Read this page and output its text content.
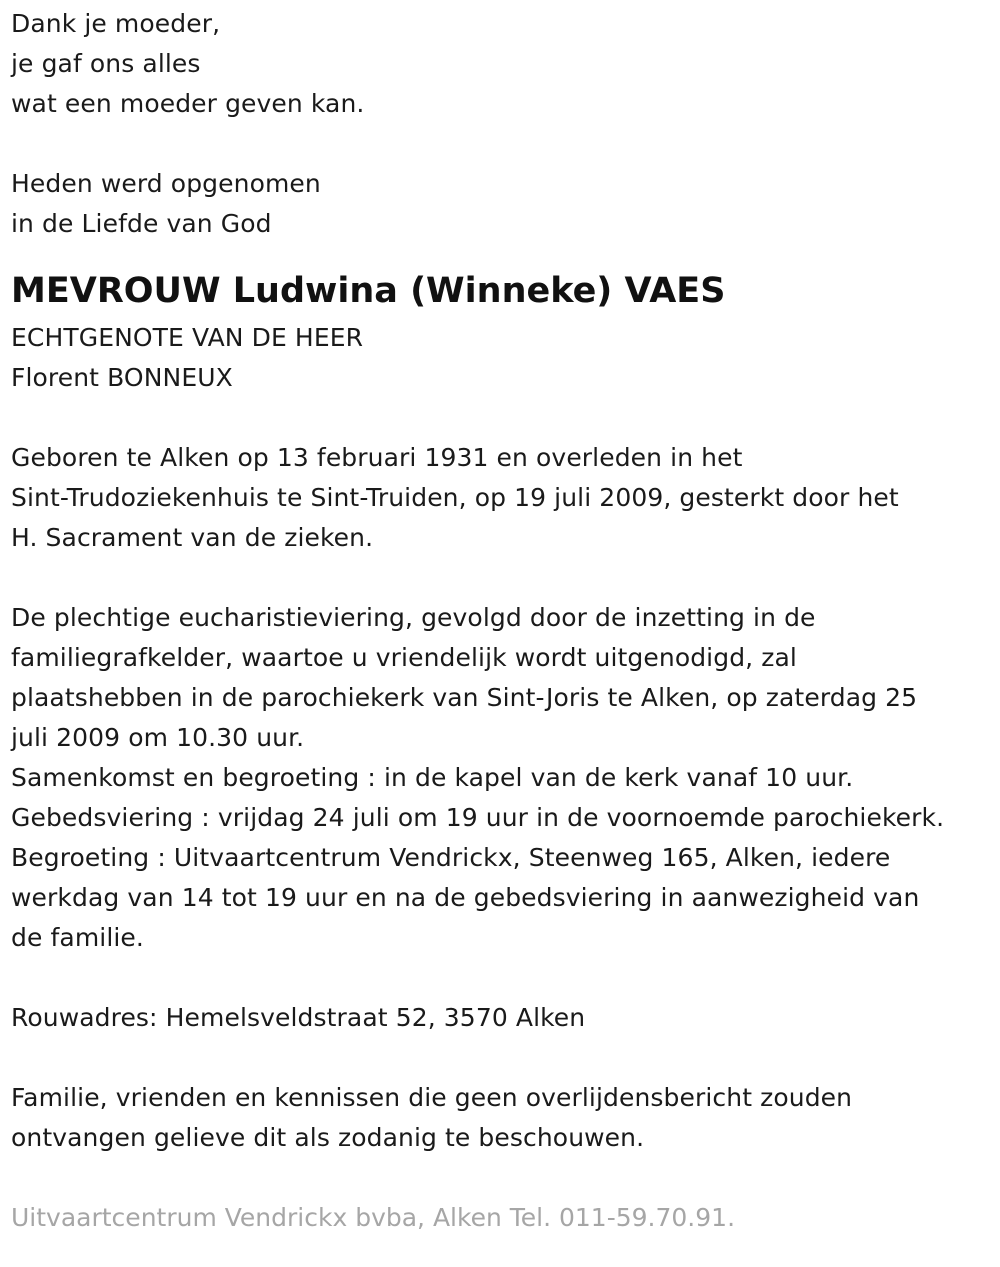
Dank je moeder,
je gaf ons alles
wat een moeder geven kan.
Heden werd opgenomen
in de Liefde van God
MEVROUW Ludwina (Winneke) VAES
ECHTGENOTE VAN DE HEER
Florent BONNEUX
Geboren te Alken op 13 februari 1931 en overleden in het
Sint-Trudoziekenhuis te Sint-Truiden, op 19 juli 2009, gesterkt door het
H. Sacrament van de zieken.
De plechtige eucharistieviering, gevolgd door de inzetting in de
familiegrafkelder, waartoe u vriendelijk wordt uitgenodigd, zal
plaatshebben in de parochiekerk van Sint-Joris te Alken, op zaterdag 25
juli 2009 om 10.30 uur.
Samenkomst en begroeting : in de kapel van de kerk vanaf 10 uur.
Gebedsviering : vrijdag 24 juli om 19 uur in de voornoemde parochiekerk.
Begroeting : Uitvaartcentrum Vendrickx, Steenweg 165, Alken, iedere
werkdag van 14 tot 19 uur en na de gebedsviering in aanwezigheid van
de familie.
Rouwadres: Hemelsveldstraat 52, 3570 Alken
Familie, vrienden en kennissen die geen overlijdensbericht zouden
ontvangen gelieve dit als zodanig te beschouwen.
Uitvaartcentrum Vendrickx bvba, Alken Tel. 011-59.70.91.
